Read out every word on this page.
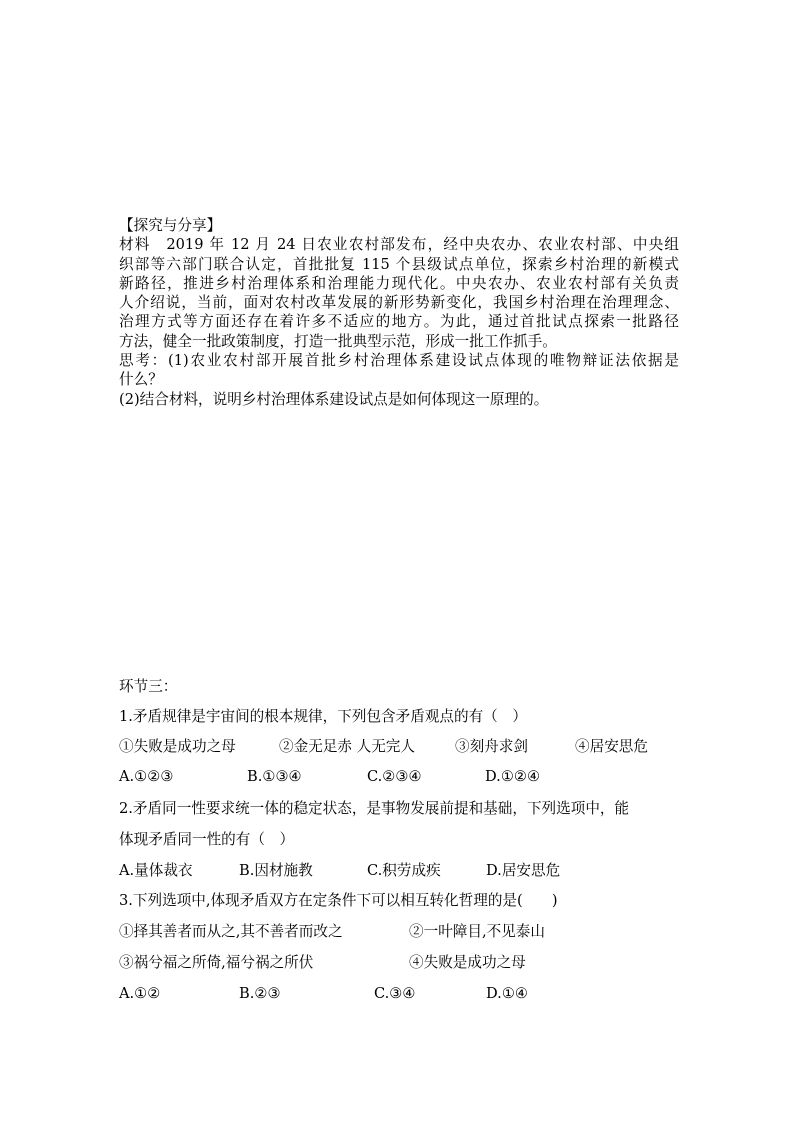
【探究与分享】

材料　2019 年 12 月 24 日农业农村部发布，经中央农办、农业农村部、中央组

织部等六部门联合认定，首批批复 115 个县级试点单位，探索乡村治理的新模式

新路径，推进乡村治理体系和治理能力现代化。中央农办、农业农村部有关负责

人介绍说，当前，面对农村改革发展的新形势新变化，我国乡村治理在治理理念、

治理方式等方面还存在着许多不适应的地方。为此，通过首批试点探索一批路径

方法，健全一批政策制度，打造一批典型示范，形成一批工作抓手。

思考：(1)农业农村部开展首批乡村治理体系建设试点体现的唯物辩证法依据是

什么？

(2)结合材料，说明乡村治理体系建设试点是如何体现这一原理的。

环节三：
1.矛盾规律是宇宙间的根本规律，下列包含矛盾观点的有（　）
①失败是成功之母	②金无足赤 人无完人	③刻舟求剑	④居安思危
A.①②③	B.①③④	C.②③④	D.①②④
2.矛盾同一性要求统一体的稳定状态，是事物发展前提和基础，下列选项中，能
体现矛盾同一性的有（　）
A.量体裁衣	B.因材施教	C.积劳成疾	D.居安思危
3.下列选项中,体现矛盾双方在定条件下可以相互转化哲理的是(　　)
①择其善者而从之,其不善者而改之	②一叶障目,不见泰山
③祸兮福之所倚,福兮祸之所伏	④失败是成功之母
A.①②	B.②③	C.③④	D.①④
